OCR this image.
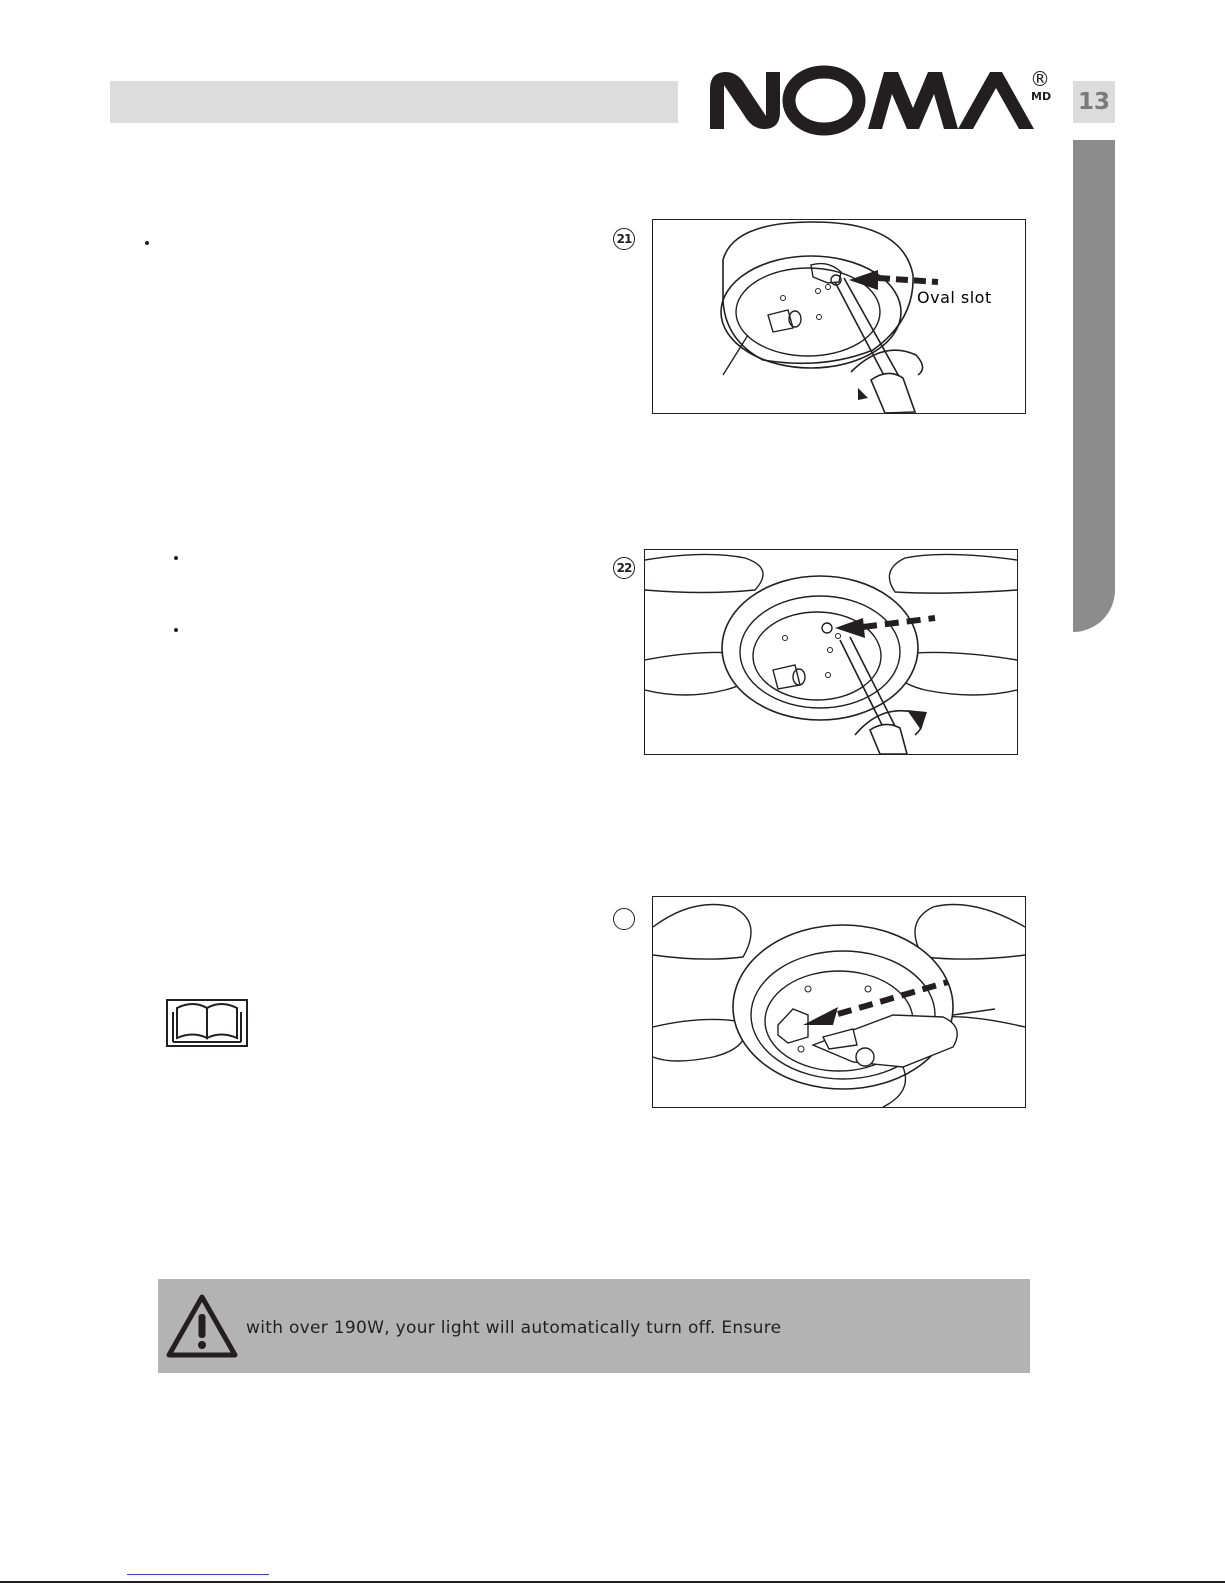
®
MD 13
21
22
Oval slot
with over 190W, your light will automatically turn off. Ensure
